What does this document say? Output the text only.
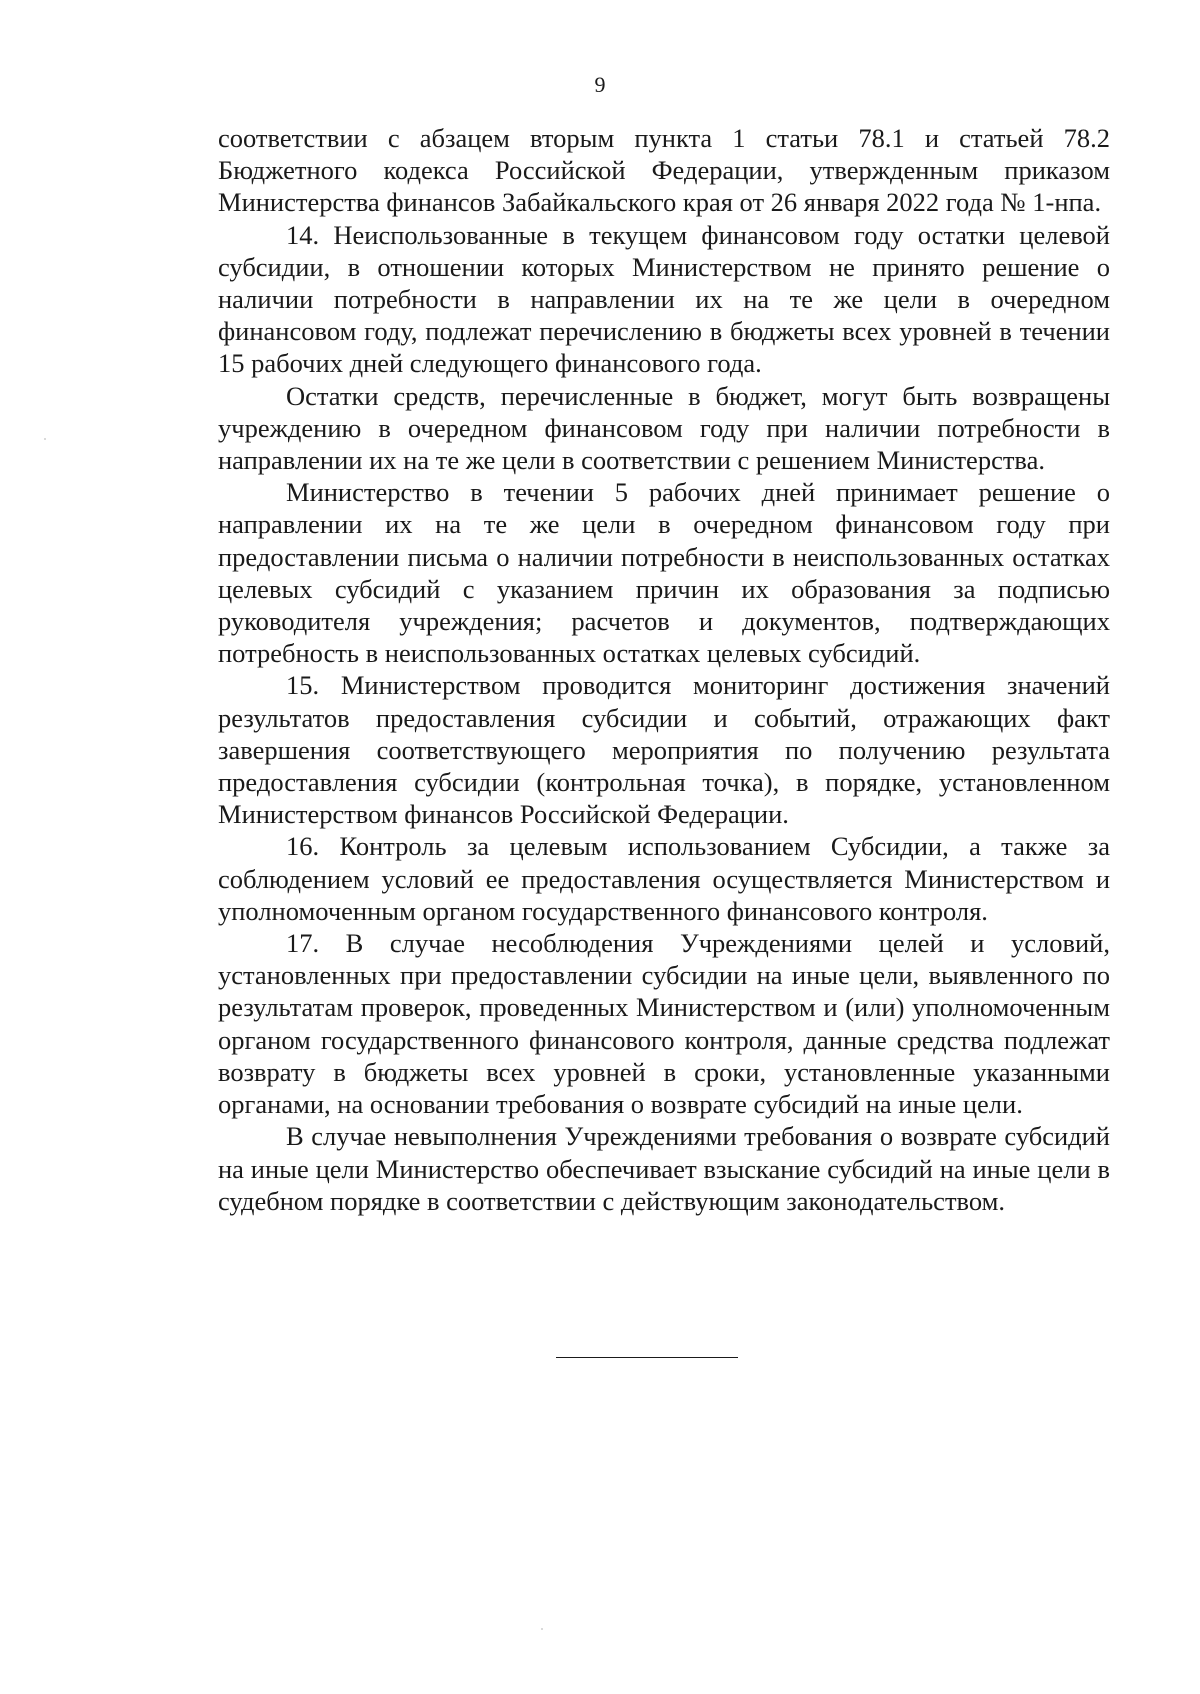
9

соответствии с абзацем вторым пункта 1 статьи 78.1 и статьей 78.2 Бюджетного кодекса Российской Федерации, утвержденным приказом Министерства финансов Забайкальского края от 26 января 2022 года № 1-нпа.

14. Неиспользованные в текущем финансовом году остатки целевой субсидии, в отношении которых Министерством не принято решение о наличии потребности в направлении их на те же цели в очередном финансовом году, подлежат перечислению в бюджеты всех уровней в течении 15 рабочих дней следующего финансового года.

Остатки средств, перечисленные в бюджет, могут быть возвращены учреждению в очередном финансовом году при наличии потребности в направлении их на те же цели в соответствии с решением Министерства.

Министерство в течении 5 рабочих дней принимает решение о направлении их на те же цели в очередном финансовом году при предоставлении письма о наличии потребности в неиспользованных остатках целевых субсидий с указанием причин их образования за подписью руководителя учреждения; расчетов и документов, подтверждающих потребность в неиспользованных остатках целевых субсидий.

15. Министерством проводится мониторинг достижения значений результатов предоставления субсидии и событий, отражающих факт завершения соответствующего мероприятия по получению результата предоставления субсидии (контрольная точка), в порядке, установленном Министерством финансов Российской Федерации.

16. Контроль за целевым использованием Субсидии, а также за соблюдением условий ее предоставления осуществляется Министерством и уполномоченным органом государственного финансового контроля.

17. В случае несоблюдения Учреждениями целей и условий, установленных при предоставлении субсидии на иные цели, выявленного по результатам проверок, проведенных Министерством и (или) уполномоченным органом государственного финансового контроля, данные средства подлежат возврату в бюджеты всех уровней в сроки, установленные указанными органами, на основании требования о возврате субсидий на иные цели.

В случае невыполнения Учреждениями требования о возврате субсидий на иные цели Министерство обеспечивает взыскание субсидий на иные цели в судебном порядке в соответствии с действующим законодательством.
